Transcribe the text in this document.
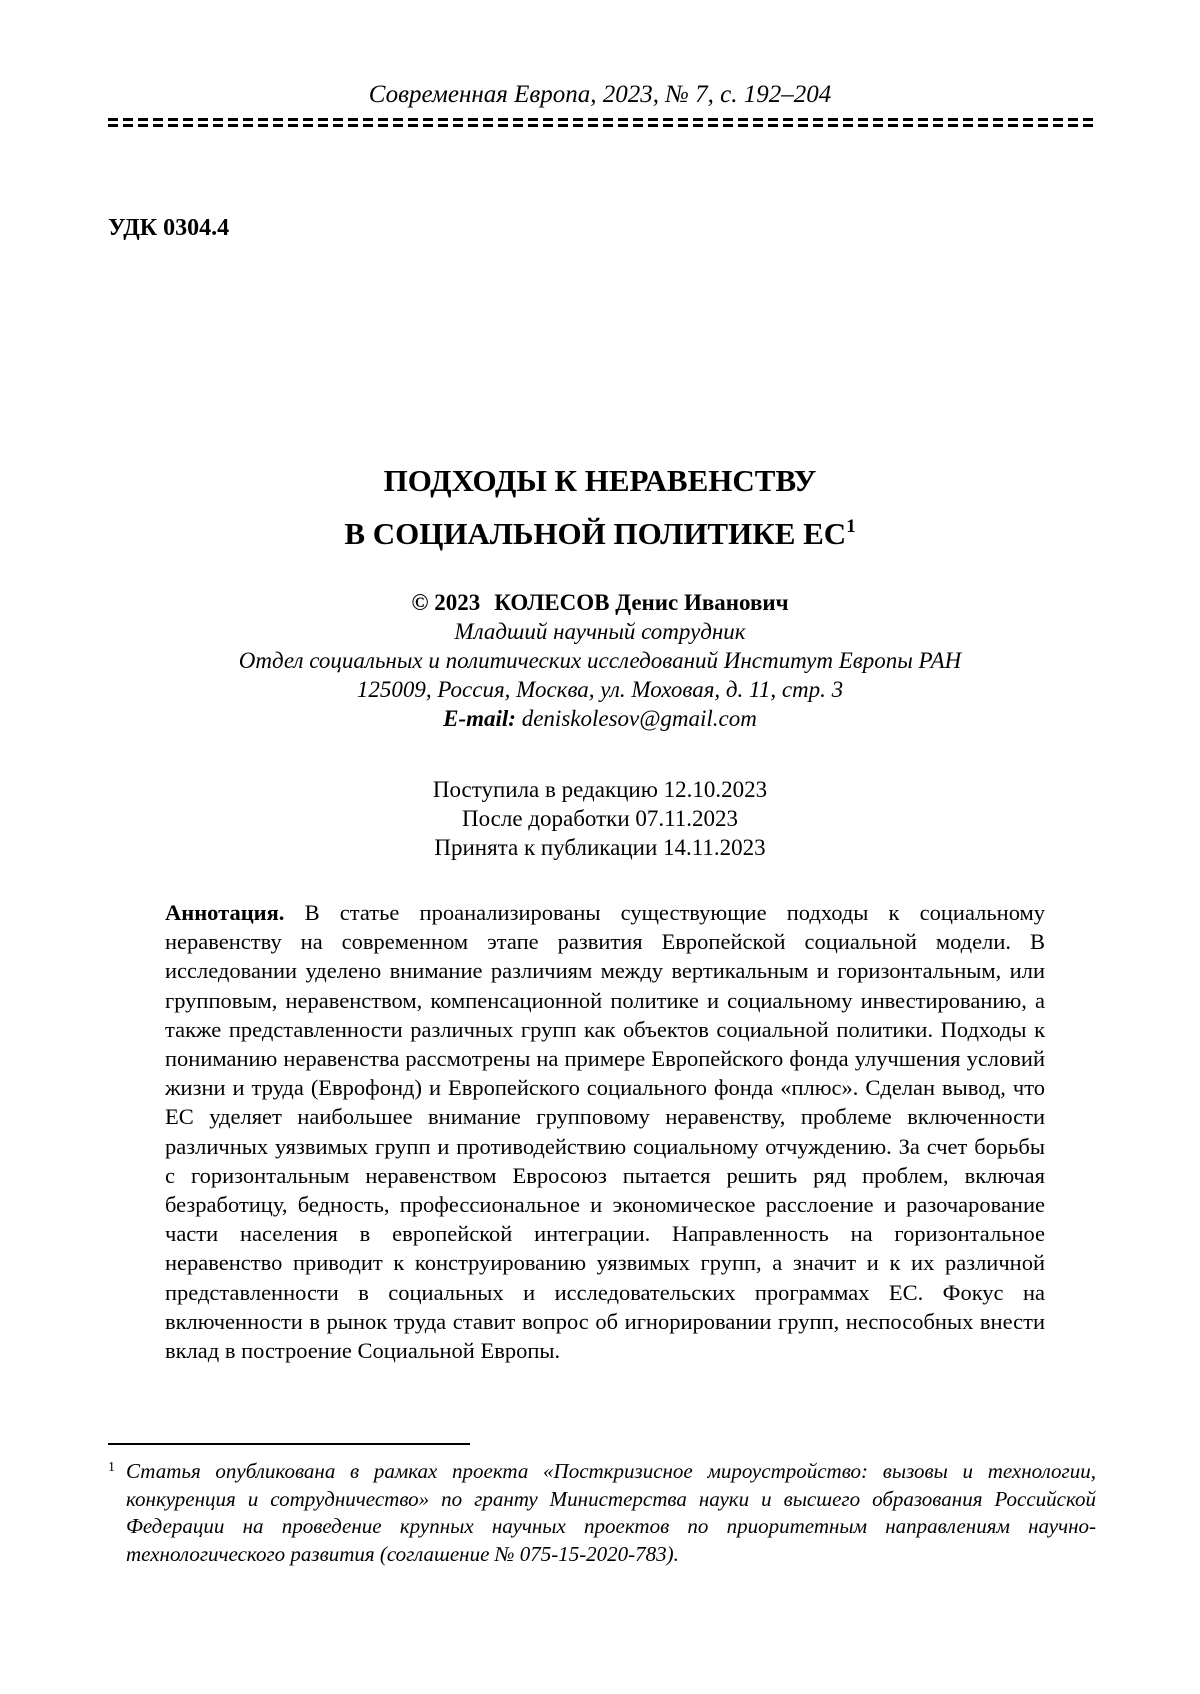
Современная Европа, 2023, № 7, с. 192–204
УДК 0304.4
ПОДХОДЫ К НЕРАВЕНСТВУ
В СОЦИАЛЬНОЙ ПОЛИТИКЕ $ЕС^1$
© 2023 КОЛЕСОВ Денис Иванович
Младший научный сотрудник
Отдел социальных и политических исследований Институт Европы РАН
125009, Россия, Москва, ул. Моховая, д. 11, стр. 3
E-mail: deniskolesov@gmail.com
Поступила в редакцию 12.10.2023
После доработки 07.11.2023
Принята к публикации 14.11.2023
Аннотация. В статье проанализированы существующие подходы к социальному неравенству на современном этапе развития Европейской социальной модели. В исследовании уделено внимание различиям между вертикальным и горизонтальным, или групповым, неравенством, компенсационной политике и социальному инвестированию, а также представленности различных групп как объектов социальной политики. Подходы к пониманию неравенства рассмотрены на примере Европейского фонда улучшения условий жизни и труда (Еврофонд) и Европейского социального фонда «плюс». Сделан вывод, что ЕС уделяет наибольшее внимание групповому неравенству, проблеме включенности различных уязвимых групп и противодействию социальному отчуждению. За счет борьбы с горизонтальным неравенством Евросоюз пытается решить ряд проблем, включая безработицу, бедность, профессиональное и экономическое расслоение и разочарование части населения в европейской интеграции. Направленность на горизонтальное неравенство приводит к конструированию уязвимых групп, а значит и к их различной представленности в социальных и исследовательских программах ЕС. Фокус на включенности в рынок труда ставит вопрос об игнорировании групп, неспособных внести вклад в построение Социальной Европы.
1 Статья опубликована в рамках проекта «Посткризисное мироустройство: вызовы и технологии, конкуренция и сотрудничество» по гранту Министерства науки и высшего образования Российской Федерации на проведение крупных научных проектов по приоритетным направлениям научно-технологического развития (соглашение № 075-15-2020-783).
